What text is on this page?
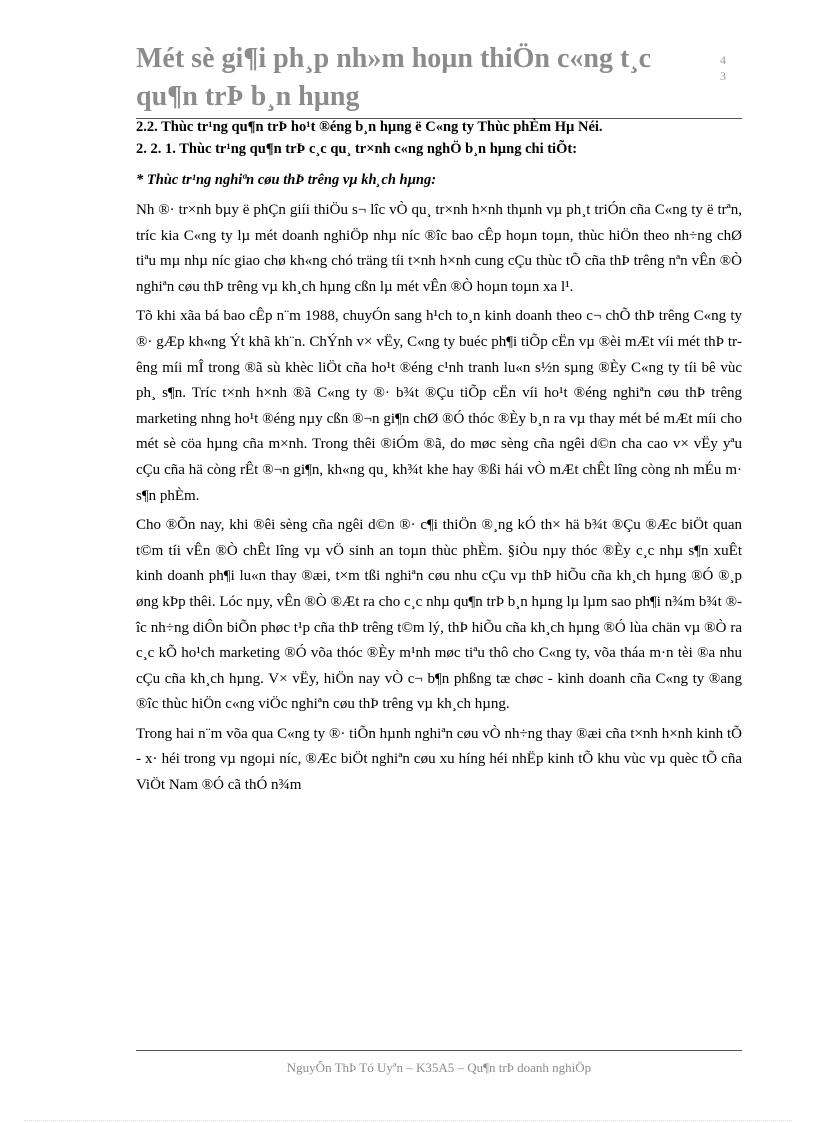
Mét sè gi¶i ph¸p nh»m hoµn thiÖn c«ng t¸c qu¶n trÞ b¸n hµng
4 3

2.2. Thùc tr¹ng qu¶n trÞ ho¹t ®éng b¸n hµng ë C«ng ty Thùc phÈm Hµ Néi.

2. 2. 1. Thùc tr¹ng qu¶n trÞ c¸c qu¸ tr×nh c«ng nghÖ b¸n hµng chi tiÕt:

* Thùc tr¹ng nghiªn cøu thÞ trêng vµ kh¸ch hµng:

Nh ®· tr×nh bµy ë phÇn giíi thiÖu s¬ lîc vÒ qu¸ tr×nh h×nh thµnh vµ ph¸t triÓn cña C«ng ty ë trªn, tríc kia C«ng ty lµ mét doanh nghiÖp nhµ níc ®îc bao cÊp hoµn toµn, thùc hiÖn theo nh÷ng chØ tiªu mµ nhµ níc giao chø kh«ng chó träng tíi t×nh h×nh cung cÇu thùc tÕ cña thÞ trêng nªn vÊn ®Ò nghiªn cøu thÞ trêng vµ kh¸ch hµng cßn lµ mét vÊn ®Ò hoµn toµn xa l¹.

Tõ khi xãa bá bao cÊp n¨m 1988, chuyÓn sang h¹ch to¸n kinh doanh theo c¬ chÕ thÞ trêng C«ng ty ®· gÆp kh«ng Ýt khã kh¨n. ChÝnh v× vËy, C«ng ty buéc ph¶i tiÕp cËn vµ ®èi mÆt víi mét thÞ trêng míi mÎ trong ®ã sù khèc liÖt cña ho¹t ®éng c¹nh tranh lu«n s½n sµng ®Èy C«ng ty tíi bê vùc ph¸ s¶n. Tríc t×nh h×nh ®ã C«ng ty ®· b¾t ®Çu tiÕp cËn víi ho¹t ®éng nghiªn cøu thÞ trêng marketing nhng ho¹t ®éng nµy cßn ®¬n gi¶n chØ ®Ó thóc ®Èy b¸n ra vµ thay mét bé mÆt míi cho mét sè cöa hµng cña m×nh. Trong thêi ®iÓm ®ã, do møc sèng cña ngêi d©n cha cao v× vËy yªu cÇu cña hä còng rÊt ®¬n gi¶n, kh«ng qu¸ kh¾t khe hay ®ßi hái vÒ mÆt chÊt lîng còng nh mÉu m· s¶n phÈm.

Cho ®Õn nay, khi ®êi sèng cña ngêi d©n ®· c¶i thiÖn ®¸ng kÓ th× hä b¾t ®Çu ®Æc biÖt quan t©m tíi vÊn ®Ò chÊt lîng vµ vÖ sinh an toµn thùc phÈm. §iÒu nµy thóc ®Èy c¸c nhµ s¶n xuÊt kinh doanh ph¶i lu«n thay ®æi, t×m tßi nghiªn cøu nhu cÇu vµ thÞ hiÕu cña kh¸ch hµng ®Ó ®¸p øng kÞp thêi. Lóc nµy, vÊn ®Ò ®Æt ra cho c¸c nhµ qu¶n trÞ b¸n hµng lµ lµm sao ph¶i n¾m b¾t ®îc nh÷ng diÔn biÕn phøc t¹p cña thÞ trêng t©m lý, thÞ hiÕu cña kh¸ch hµng ®Ó lùa chän vµ ®Ò ra c¸c kÕ ho¹ch marketing ®Ó võa thóc ®Èy m¹nh møc tiªu thô cho C«ng ty, võa tháa m·n tèi ®a nhu cÇu cña kh¸ch hµng. V× vËy, hiÖn nay vÒ c¬ b¶n phßng tæ chøc - kinh doanh cña C«ng ty ®ang ®îc thùc hiÖn c«ng viÖc nghiªn cøu thÞ trêng vµ kh¸ch hµng.

Trong hai n¨m võa qua C«ng ty ®· tiÕn hµnh nghiªn cøu vÒ nh÷ng thay ®æi cña t×nh h×nh kinh tÕ - x· héi trong vµ ngoµi níc, ®Æc biÖt nghiªn cøu xu híng héi nhËp kinh tÕ khu vùc vµ quèc tÕ cña ViÖt Nam ®Ó cã thÓ n¾m

NguyÔn ThÞ Tó Uyªn – K35A5 – Qu¶n trÞ doanh nghiÖp
